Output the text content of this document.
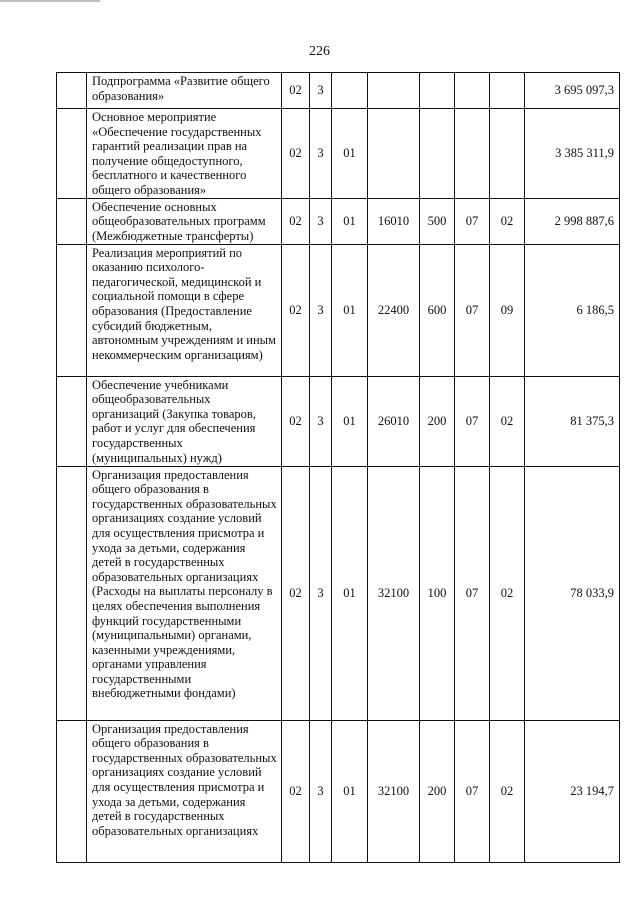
226
	Подпрограмма «Развитие общего образования»	02	3						3 695 097,3
	Основное мероприятие «Обеспечение государственных гарантий реализации прав на получение общедоступного, бесплатного и качественного общего образования»	02	3	01					3 385 311,9
	Обеспечение основных общеобразовательных программ (Межбюджетные трансферты)	02	3	01	16010	500	07	02	2 998 887,6
	Реализация мероприятий по оказанию психолого-педагогической, медицинской и социальной помощи в сфере образования (Предоставление субсидий бюджетным, автономным учреждениям и иным некоммерческим организациям)	02	3	01	22400	600	07	09	6 186,5
	Обеспечение учебниками общеобразовательных организаций (Закупка товаров, работ и услуг для обеспечения государственных (муниципальных) нужд)	02	3	01	26010	200	07	02	81 375,3
	Организация предоставления общего образования в государственных образовательных организациях создание условий для осуществления присмотра и ухода за детьми, содержания детей в государственных образовательных организациях (Расходы на выплаты персоналу в целях обеспечения выполнения функций государственными (муниципальными) органами, казенными учреждениями, органами управления государственными внебюджетными фондами)	02	3	01	32100	100	07	02	78 033,9
	Организация предоставления общего образования в государственных образовательных организациях создание условий для осуществления присмотра и ухода за детьми, содержания детей в государственных образовательных организациях	02	3	01	32100	200	07	02	23 194,7
